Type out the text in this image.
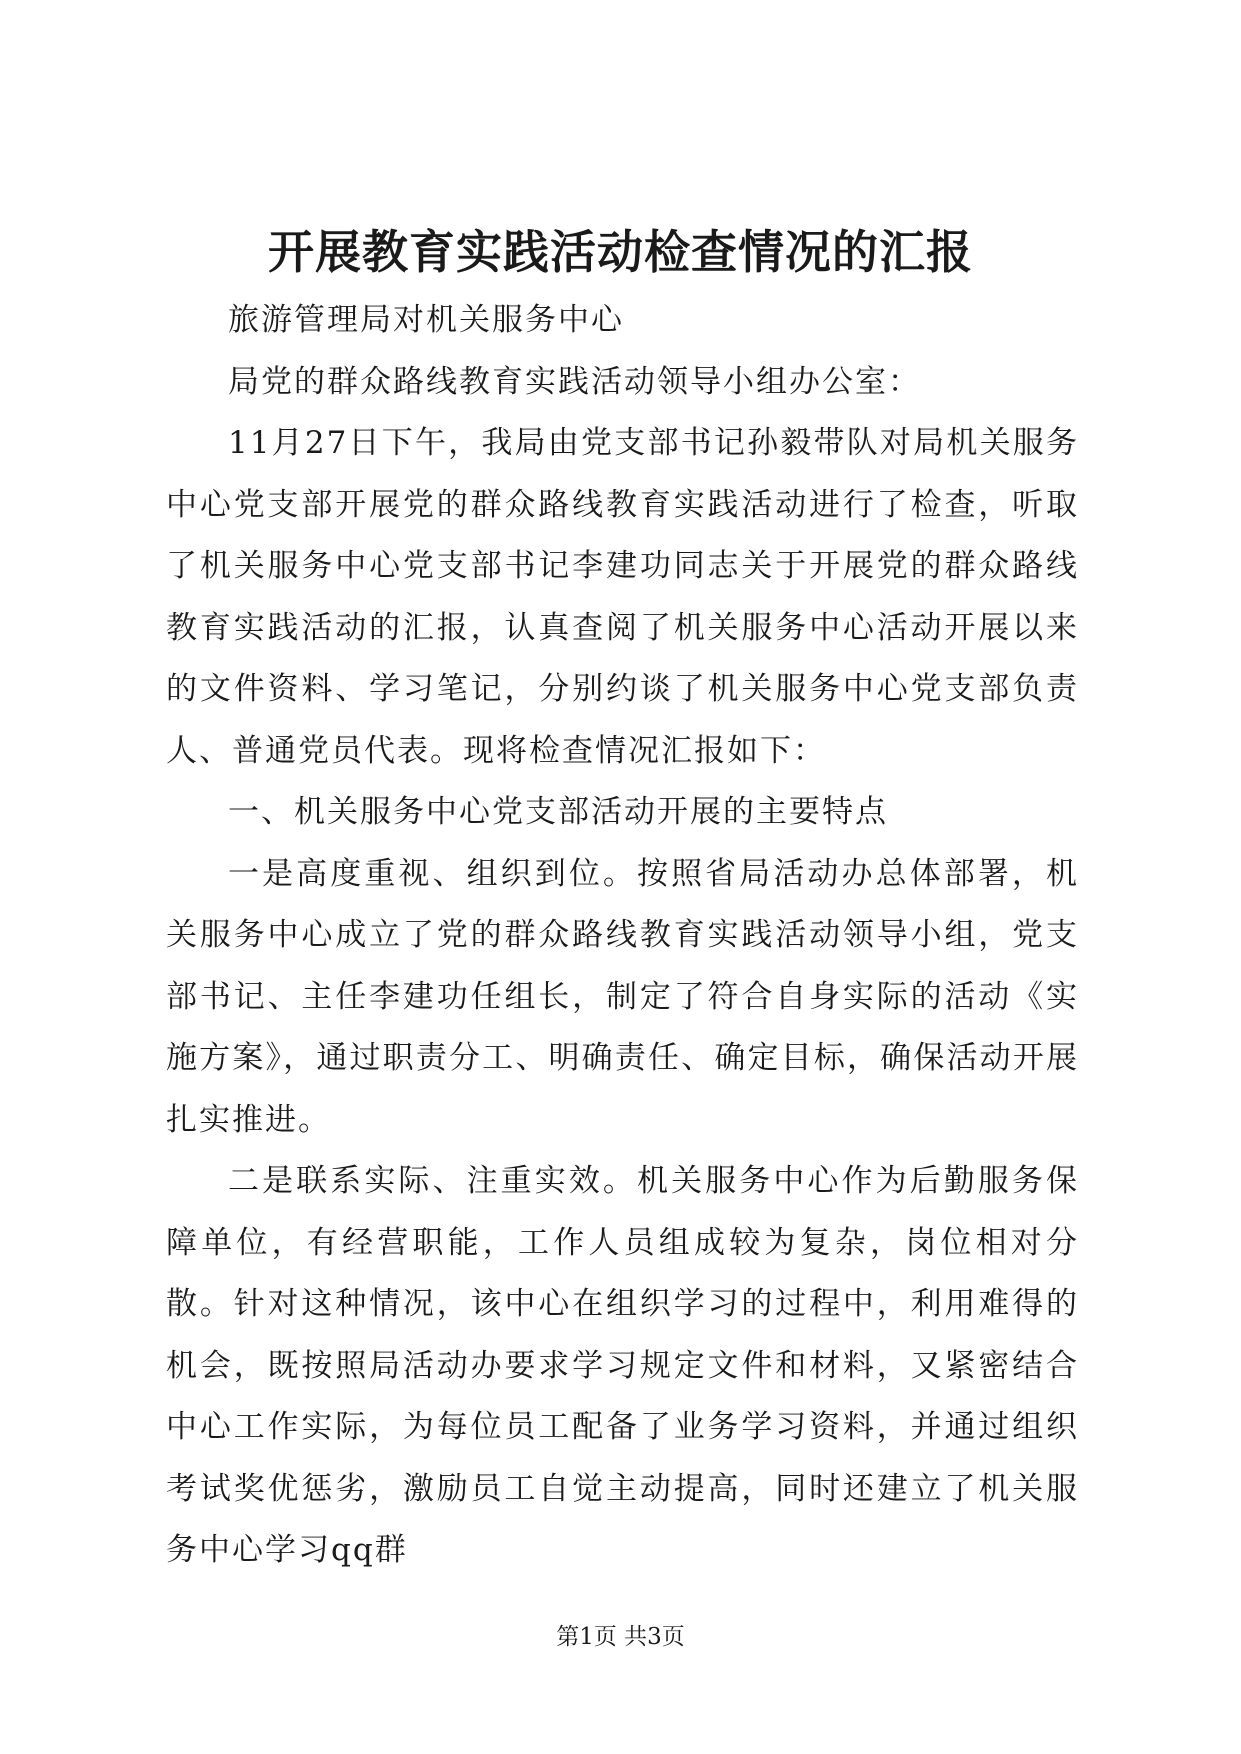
开展教育实践活动检查情况的汇报

旅游管理局对机关服务中心

局党的群众路线教育实践活动领导小组办公室：

11月27日下午，我局由党支部书记孙毅带队对局机关服务中心党支部开展党的群众路线教育实践活动进行了检查，听取了机关服务中心党支部书记李建功同志关于开展党的群众路线教育实践活动的汇报，认真查阅了机关服务中心活动开展以来的文件资料、学习笔记，分别约谈了机关服务中心党支部负责人、普通党员代表。现将检查情况汇报如下：

一、机关服务中心党支部活动开展的主要特点

一是高度重视、组织到位。按照省局活动办总体部署，机关服务中心成立了党的群众路线教育实践活动领导小组，党支部书记、主任李建功任组长，制定了符合自身实际的活动《实施方案》，通过职责分工、明确责任、确定目标，确保活动开展扎实推进。

二是联系实际、注重实效。机关服务中心作为后勤服务保障单位，有经营职能，工作人员组成较为复杂，岗位相对分散。针对这种情况，该中心在组织学习的过程中，利用难得的机会，既按照局活动办要求学习规定文件和材料，又紧密结合中心工作实际，为每位员工配备了业务学习资料，并通过组织考试奖优惩劣，激励员工自觉主动提高，同时还建立了机关服务中心学习qq群

第1页 共3页
